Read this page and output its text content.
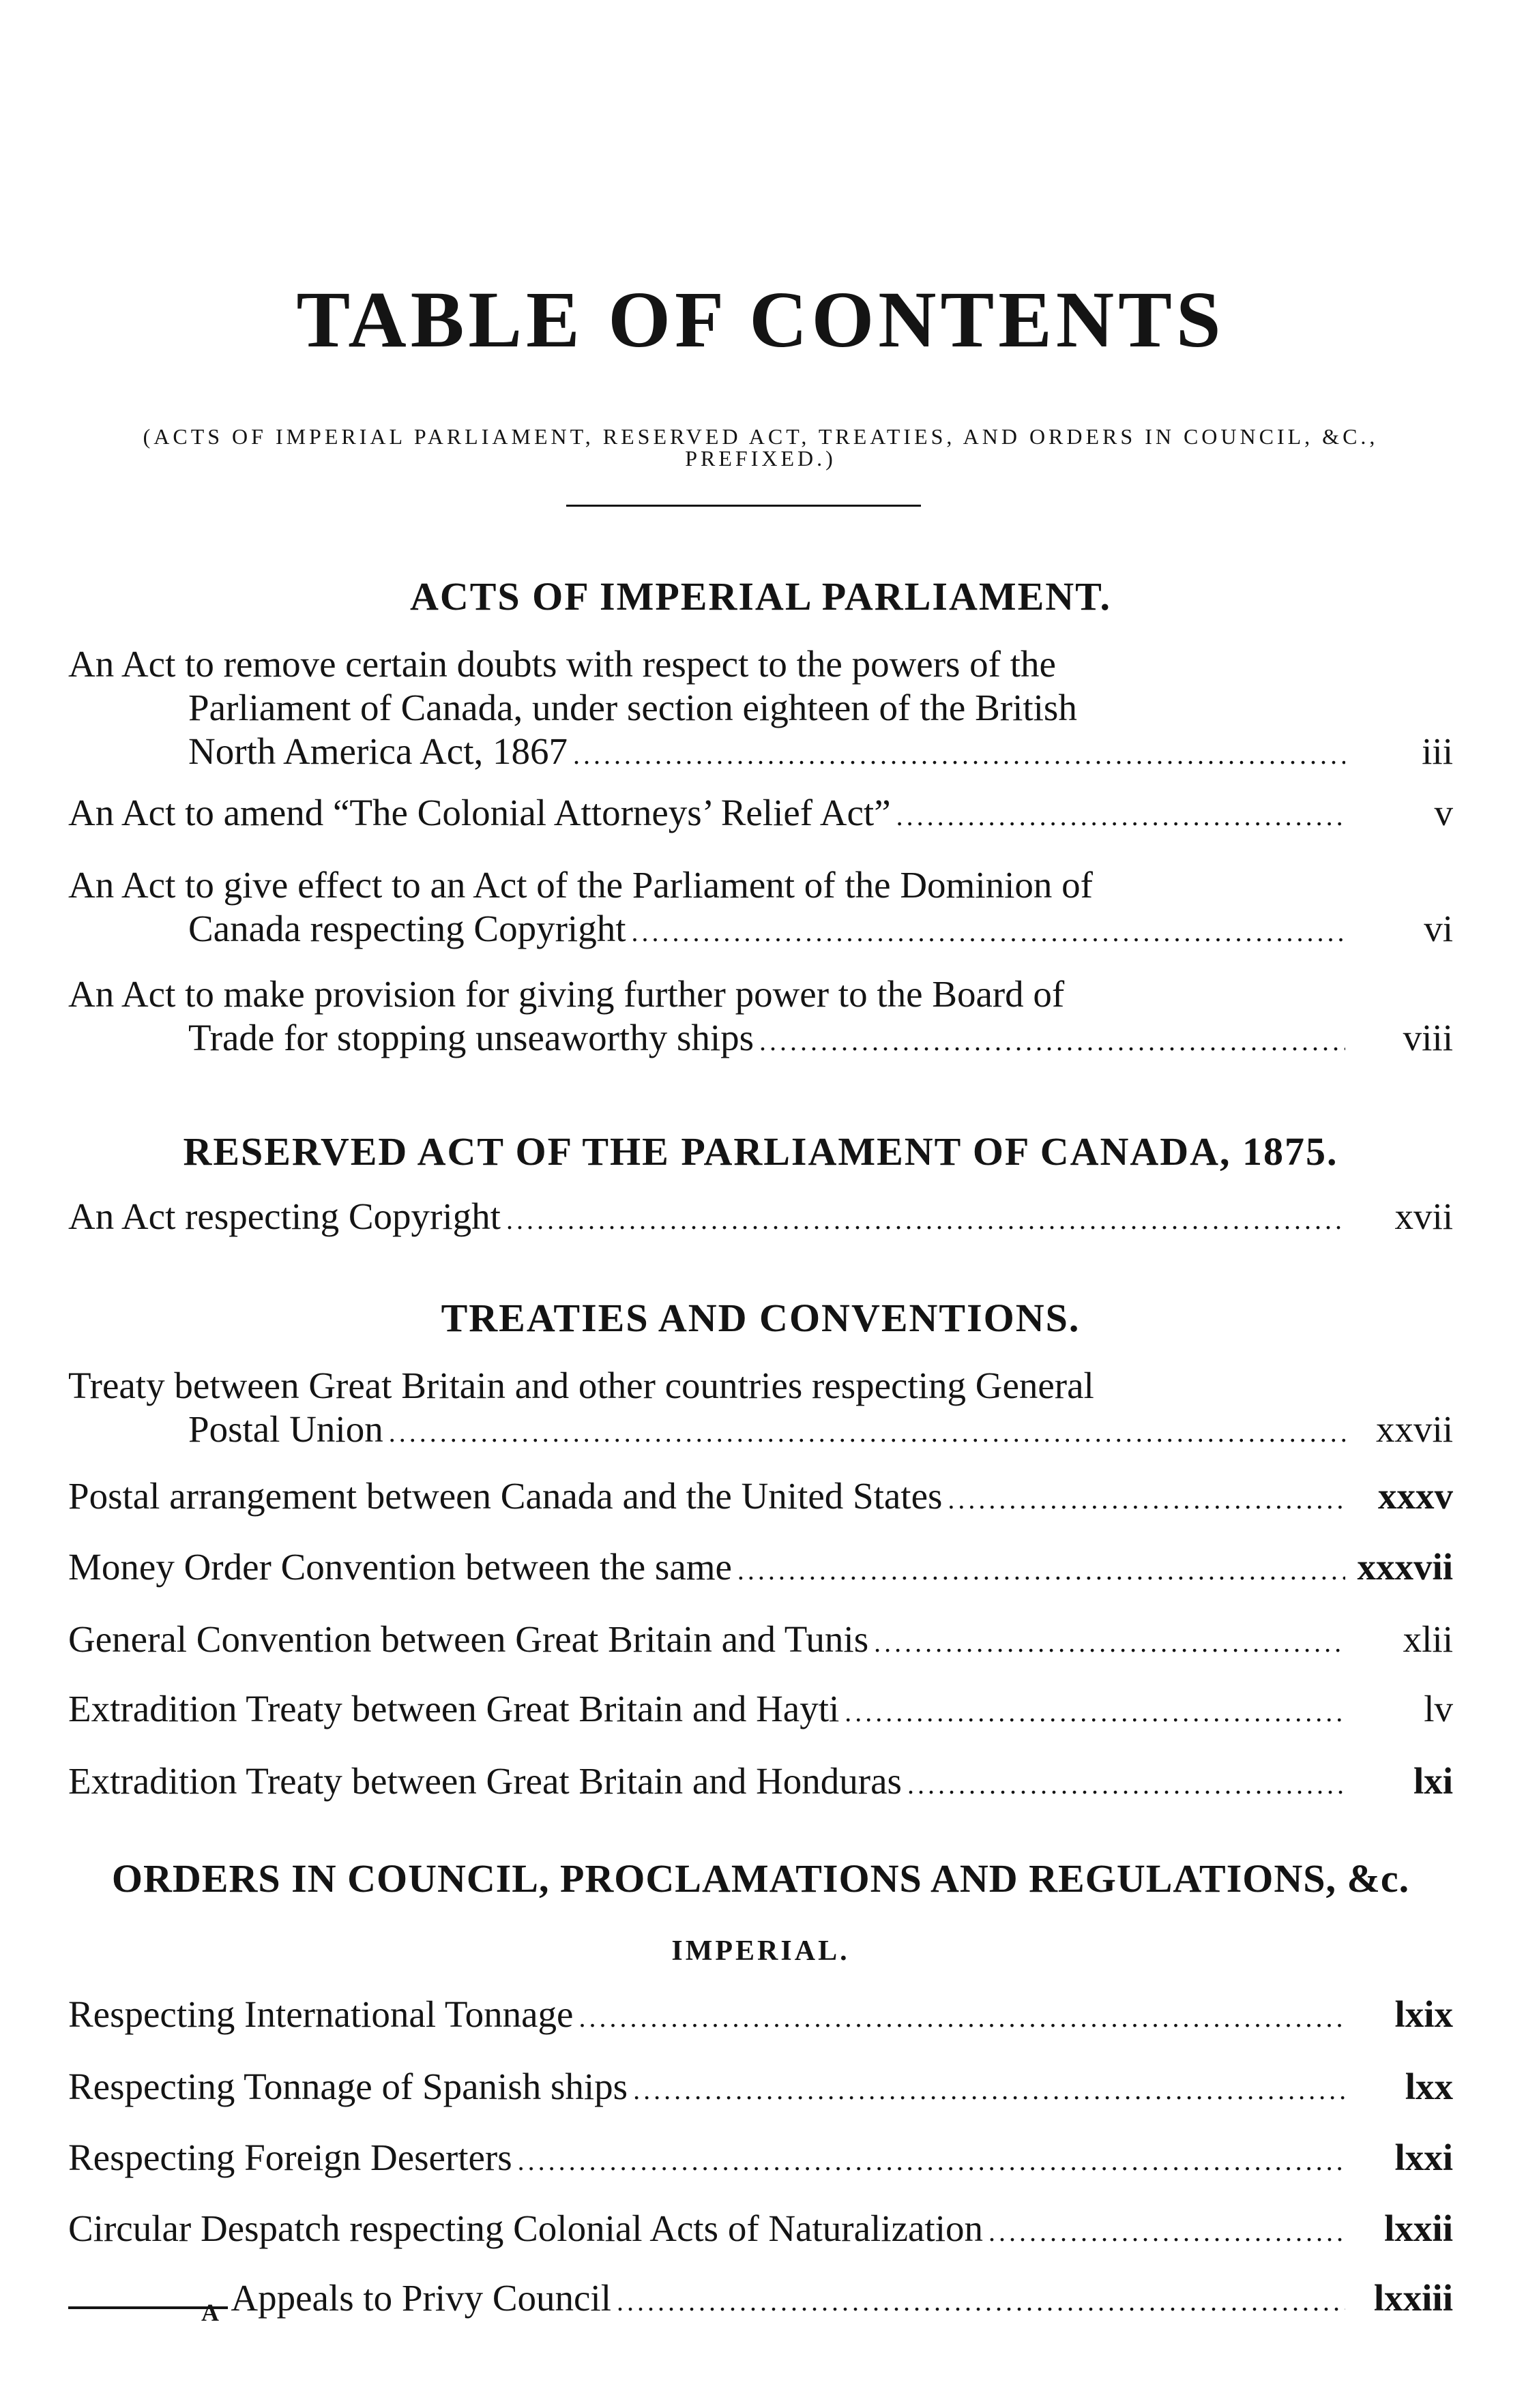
TABLE OF CONTENTS

(ACTS OF IMPERIAL PARLIAMENT, RESERVED ACT, TREATIES, AND ORDERS IN COUNCIL, &C., PREFIXED.)

ACTS OF IMPERIAL PARLIAMENT.
An Act to remove certain doubts with respect to the powers of the
Parliament of Canada, under section eighteen of the British
North America Act, 1867 .....	iii
An Act to amend “The Colonial Attorneys’ Relief Act” .....	v
An Act to give effect to an Act of the Parliament of the Dominion of
Canada respecting Copyright .....	vi
An Act to make provision for giving further power to the Board of
Trade for stopping unseaworthy ships .....	viii
RESERVED ACT OF THE PARLIAMENT OF CANADA, 1875.
An Act respecting Copyright .....	xvii
TREATIES AND CONVENTIONS.
Treaty between Great Britain and other countries respecting General
Postal Union .....	xxvii
Postal arrangement between Canada and the United States .....	xxxv
Money Order Convention between the same .....	xxxvii
General Convention between Great Britain and Tunis .....	xlii
Extradition Treaty between Great Britain and Hayti .....	lv
Extradition Treaty between Great Britain and Honduras .....	lxi
ORDERS IN COUNCIL, PROCLAMATIONS AND REGULATIONS, &c.
IMPERIAL.
Respecting International Tonnage .....	lxix
Respecting Tonnage of Spanish ships .....	lxx
Respecting Foreign Deserters .....	lxxi
Circular Despatch respecting Colonial Acts of Naturalization .....	lxxii
Appeals to Privy Council .....	lxxiii

A
